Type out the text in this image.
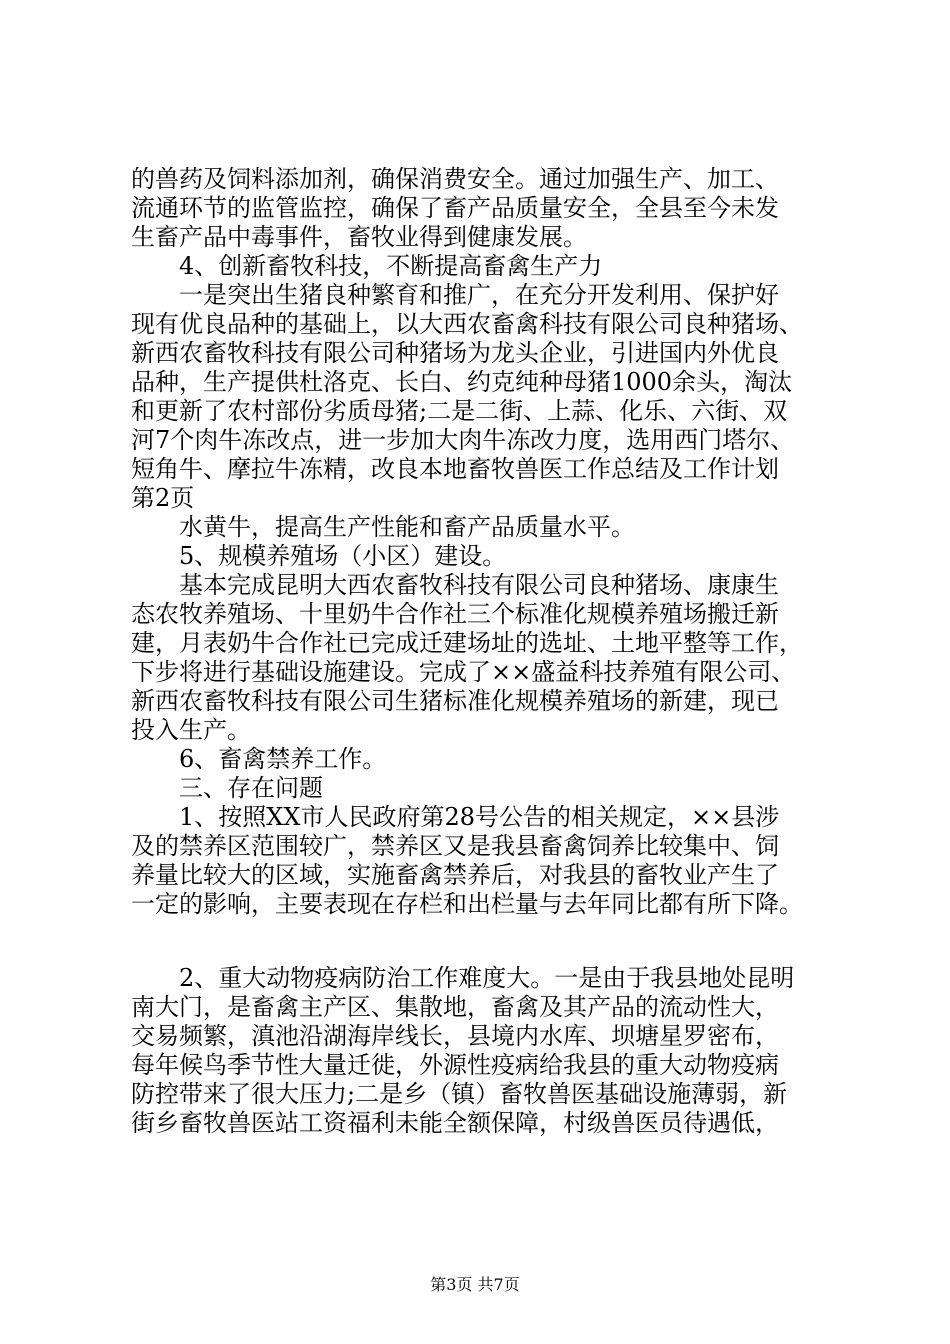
的兽药及饲料添加剂，确保消费安全。通过加强生产、加工、

流通环节的监管监控，确保了畜产品质量安全，全县至今未发

生畜产品中毒事件，畜牧业得到健康发展。

4、创新畜牧科技，不断提高畜禽生产力

一是突出生猪良种繁育和推广，在充分开发利用、保护好

现有优良品种的基础上，以大西农畜禽科技有限公司良种猪场、

新西农畜牧科技有限公司种猪场为龙头企业，引进国内外优良

品种，生产提供杜洛克、长白、约克纯种母猪1000余头，淘汰

和更新了农村部份劣质母猪;二是二街、上蒜、化乐、六街、双

河7个肉牛冻改点，进一步加大肉牛冻改力度，选用西门塔尔、

短角牛、摩拉牛冻精，改良本地畜牧兽医工作总结及工作计划

第2页

水黄牛，提高生产性能和畜产品质量水平。

5、规模养殖场（小区）建设。

基本完成昆明大西农畜牧科技有限公司良种猪场、康康生

态农牧养殖场、十里奶牛合作社三个标准化规模养殖场搬迁新

建，月表奶牛合作社已完成迁建场址的选址、土地平整等工作，

下步将进行基础设施建设。完成了××盛益科技养殖有限公司、

新西农畜牧科技有限公司生猪标准化规模养殖场的新建，现已

投入生产。

6、畜禽禁养工作。

三、存在问题

1、按照XX市人民政府第28号公告的相关规定，××县涉

及的禁养区范围较广，禁养区又是我县畜禽饲养比较集中、饲

养量比较大的区域，实施畜禽禁养后，对我县的畜牧业产生了

一定的影响，主要表现在存栏和出栏量与去年同比都有所下降。

2、重大动物疫病防治工作难度大。一是由于我县地处昆明

南大门，是畜禽主产区、集散地，畜禽及其产品的流动性大，

交易频繁，滇池沿湖海岸线长，县境内水库、坝塘星罗密布，

每年候鸟季节性大量迁徙，外源性疫病给我县的重大动物疫病

防控带来了很大压力;二是乡（镇）畜牧兽医基础设施薄弱，新

街乡畜牧兽医站工资福利未能全额保障，村级兽医员待遇低，

第3页 共7页
